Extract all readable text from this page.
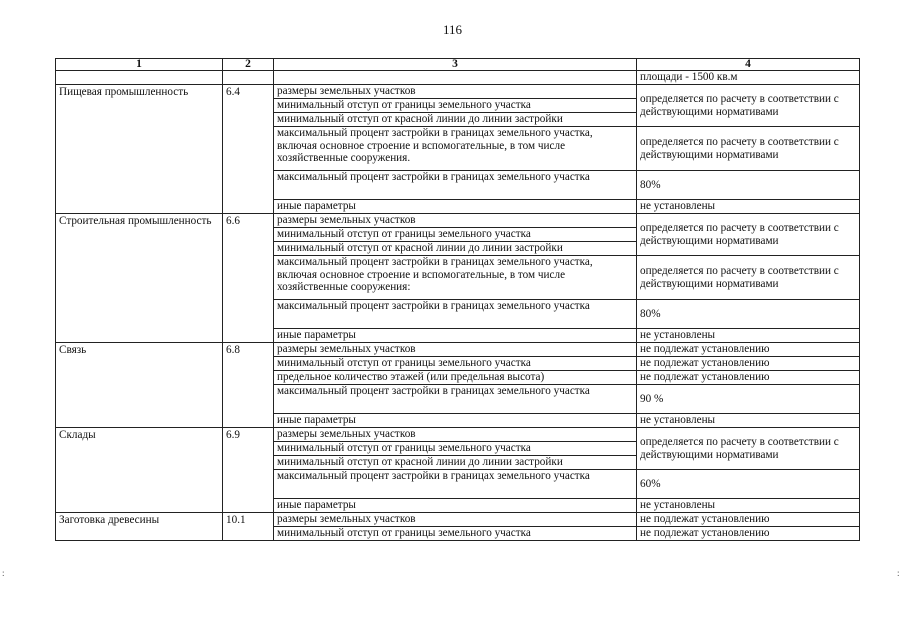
116
1	2	3	4
			площади - 1500 кв.м
Пищевая промышленность	6.4	размеры земельных участков	определяется по расчету в соответствии с действующими нормативами
		минимальный отступ от границы земельного участка	
		минимальный отступ от красной линии до линии застройки	
		максимальный процент застройки в границах земельного участка, включая основное строение и вспомогательные, в том числе хозяйственные сооружения.	определяется по расчету в соответствии с действующими нормативами
		максимальный процент застройки в границах земельного участка	80%
		иные параметры	не установлены
Строительная промышленность	6.6	размеры земельных участков	определяется по расчету в соответствии с действующими нормативами
		минимальный отступ от границы земельного участка	
		минимальный отступ от красной линии до линии застройки	
		максимальный процент застройки в границах земельного участка, включая основное строение и вспомогательные, в том числе хозяйственные сооружения:	определяется по расчету в соответствии с действующими нормативами
		максимальный процент застройки в границах земельного участка	80%
		иные параметры	не установлены
Связь	6.8	размеры земельных участков	не подлежат установлению
		минимальный отступ от границы земельного участка	не подлежат установлению
		предельное количество этажей (или предельная высота)	не подлежат установлению
		максимальный процент застройки в границах земельного участка	90 %
		иные параметры	не установлены
Склады	6.9	размеры земельных участков	определяется по расчету в соответствии с действующими нормативами
		минимальный отступ от границы земельного участка	
		минимальный отступ от красной линии до линии застройки	
		максимальный процент застройки в границах земельного участка	60%
		иные параметры	не установлены
Заготовка древесины	10.1	размеры земельных участков	не подлежат установлению
		минимальный отступ от границы земельного участка	не подлежат установлению
:	:
